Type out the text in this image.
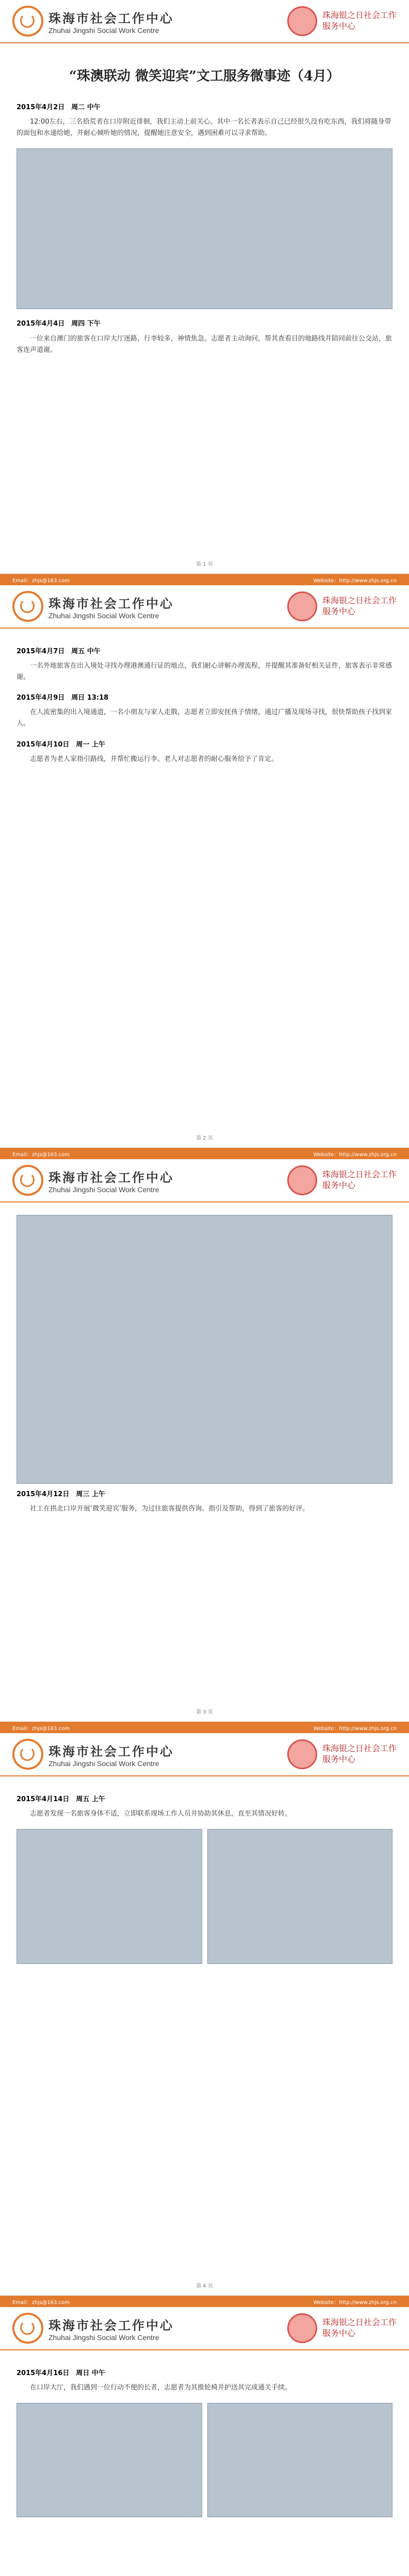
珠海市社会工作中心
Zhuhai Jingshi Social Work Centre
珠海银之日社会工作
服务中心
“珠澳联动 微笑迎宾”文工服务微事迹（4月）
2015年4月2日　 周二 中午

12:00左右，三名拾荒者在口岸附近徘徊，我们主动上前关心。其中一名长者表示自己已经很久没有吃东西，我们将随身带的面包和水递给她，并耐心倾听她的情况，提醒她注意安全，遇到困难可以寻求帮助。

2015年4月4日　 周四 下午

一位来自澳门的旅客在口岸大厅迷路，行李较多，神情焦急。志愿者主动询问，帮其查看目的地路线并陪同前往公交站，旅客连声道谢。

第 1 页
Email：zhjs@163.com	Website：http://www.zhjs.org.cn
珠海市社会工作中心
Zhuhai Jingshi Social Work Centre
珠海银之日社会工作
服务中心
2015年4月7日　 周五 中午

一名外地旅客在出入境处寻找办理港澳通行证的地点，我们耐心讲解办理流程，并提醒其准备好相关证件，旅客表示非常感谢。

2015年4月9日　 周日 13:18

在人流密集的出入境通道，一名小朋友与家人走散，志愿者立即安抚孩子情绪，通过广播及现场寻找，很快帮助孩子找到家人。

2015年4月10日　 周一 上午

志愿者为老人家指引路线，并帮忙搬运行李。老人对志愿者的耐心服务给予了肯定。

第 2 页
Email：zhjs@163.com	Website：http://www.zhjs.org.cn
珠海市社会工作中心
Zhuhai Jingshi Social Work Centre
珠海银之日社会工作
服务中心
2015年4月12日　 周三 上午

社工在拱北口岸开展‘微笑迎宾’服务，为过往旅客提供咨询、指引及帮助，得到了旅客的好评。

第 3 页
Email：zhjs@163.com	Website：http://www.zhjs.org.cn
珠海市社会工作中心
Zhuhai Jingshi Social Work Centre
珠海银之日社会工作
服务中心
2015年4月14日　 周五 上午

志愿者发现一名旅客身体不适，立即联系现场工作人员并协助其休息，直至其情况好转。

第 4 页
Email：zhjs@163.com	Website：http://www.zhjs.org.cn
珠海市社会工作中心
Zhuhai Jingshi Social Work Centre
珠海银之日社会工作
服务中心
2015年4月16日　 周日 中午

在口岸大厅，我们遇到一位行动不便的长者，志愿者为其推轮椅并护送其完成通关手续。
